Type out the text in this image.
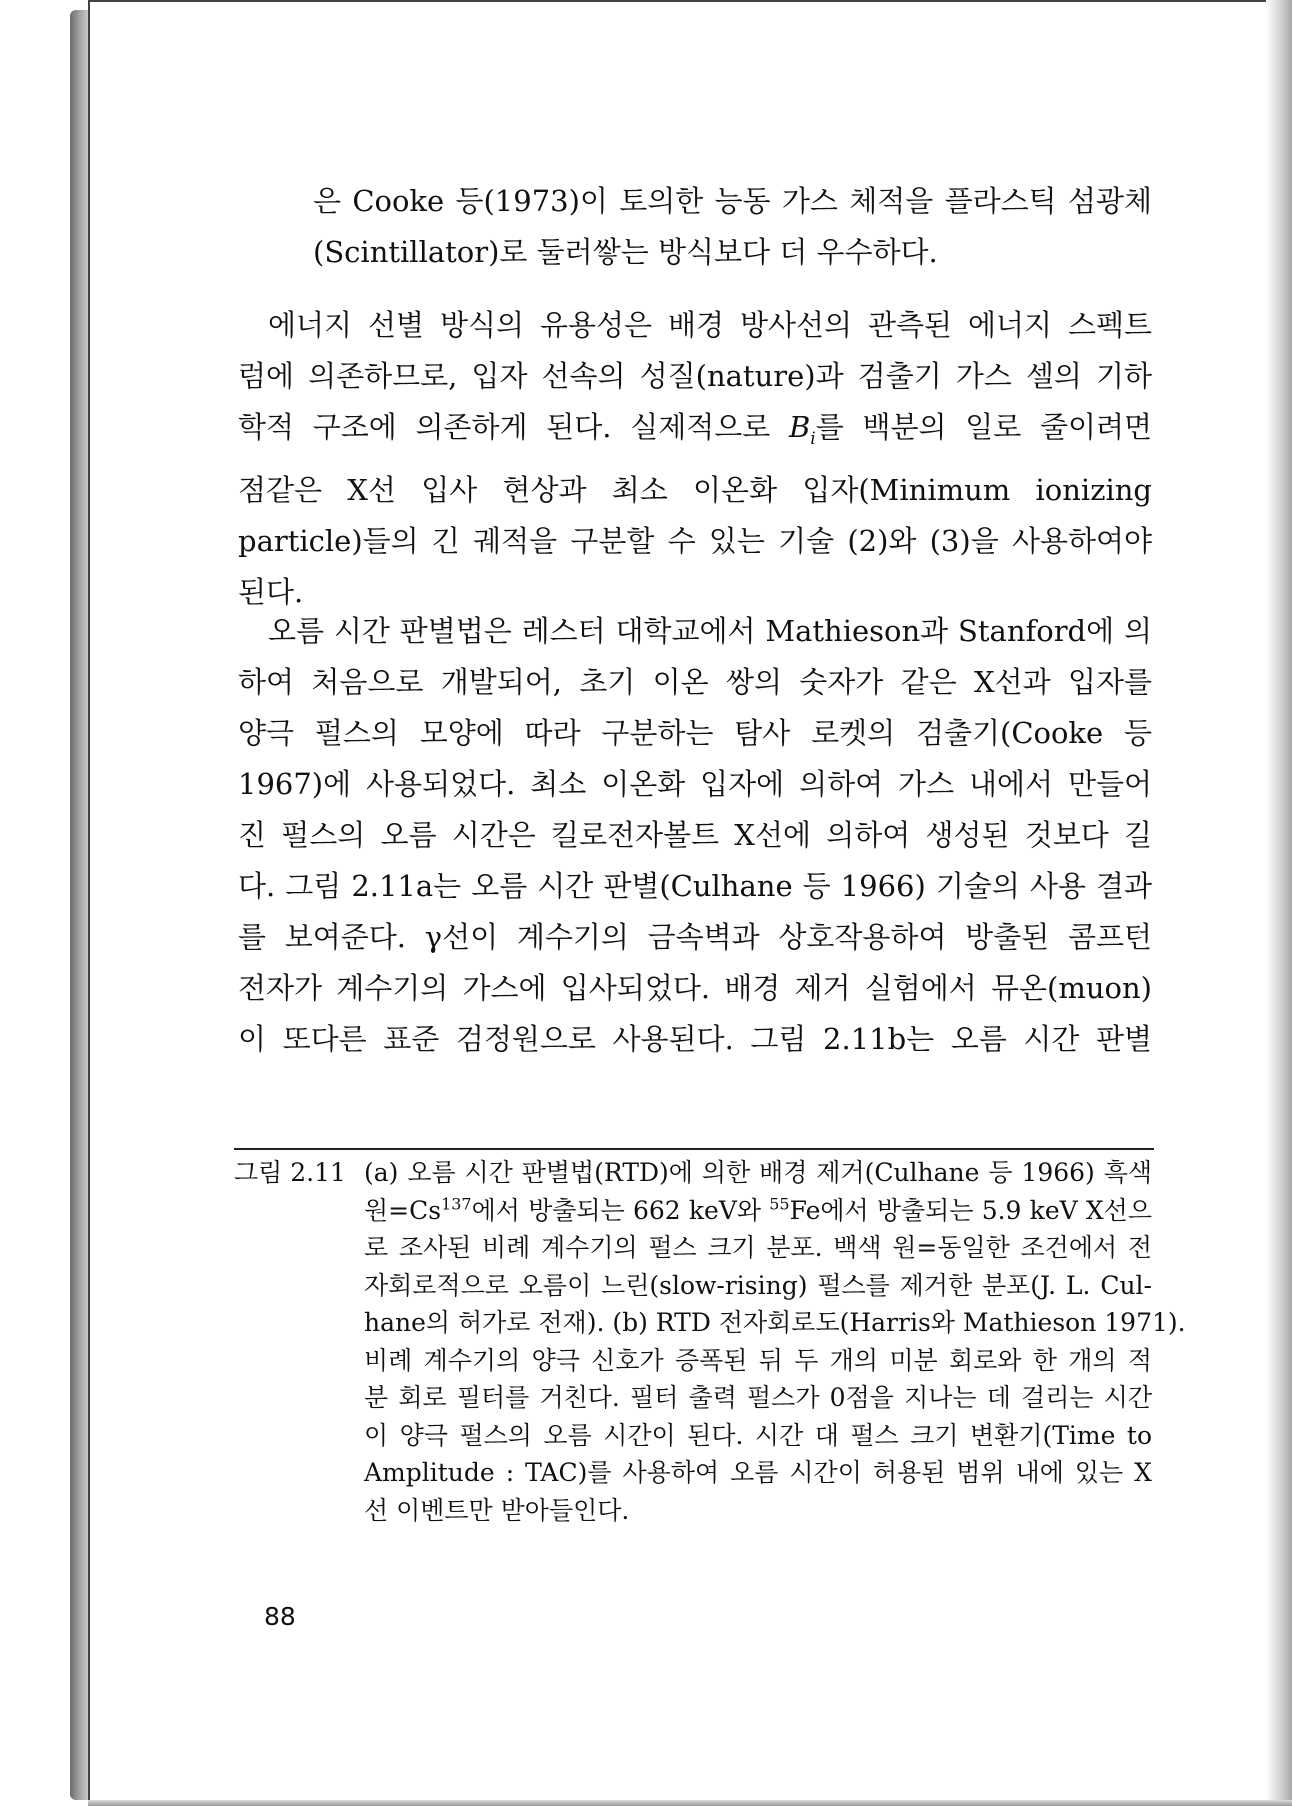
은 Cooke 등(1973)이 토의한 능동 가스 체적을 플라스틱 섬광체
(Scintillator)로 둘러쌓는 방식보다 더 우수하다.
에너지 선별 방식의 유용성은 배경 방사선의 관측된 에너지 스펙트
럼에 의존하므로, 입자 선속의 성질(nature)과 검출기 가스 셀의 기하
학적 구조에 의존하게 된다. 실제적으로 $B_i$를 백분의 일로 줄이려면
점같은 X선 입사 현상과 최소 이온화 입자(Minimum ionizing
particle)들의 긴 궤적을 구분할 수 있는 기술 (2)와 (3)을 사용하여야
된다.
오름 시간 판별법은 레스터 대학교에서 Mathieson과 Stanford에 의
하여 처음으로 개발되어, 초기 이온 쌍의 숫자가 같은 X선과 입자를
양극 펄스의 모양에 따라 구분하는 탐사 로켓의 검출기(Cooke 등
1967)에 사용되었다. 최소 이온화 입자에 의하여 가스 내에서 만들어
진 펄스의 오름 시간은 킬로전자볼트 X선에 의하여 생성된 것보다 길
다. 그림 2.11a는 오름 시간 판별(Culhane 등 1966) 기술의 사용 결과
를 보여준다. γ선이 계수기의 금속벽과 상호작용하여 방출된 콤프턴
전자가 계수기의 가스에 입사되었다. 배경 제거 실험에서 뮤온(muon)
이 또다른 표준 검정원으로 사용된다. 그림 2.11b는 오름 시간 판별
그림 2.11 (a) 오름 시간 판별법(RTD)에 의한 배경 제거(Culhane 등 1966) 흑색
원$=Cs^{137}$에서 방출되는 662 keV와 $^{55}$Fe에서 방출되는 5.9 keV X선으
로 조사된 비례 계수기의 펄스 크기 분포. 백색 원=동일한 조건에서 전
자회로적으로 오름이 느린(slow-rising) 펄스를 제거한 분포(J. L. Cul-
hane의 허가로 전재). (b) RTD 전자회로도(Harris와 Mathieson 1971).
비례 계수기의 양극 신호가 증폭된 뒤 두 개의 미분 회로와 한 개의 적
분 회로 필터를 거친다. 필터 출력 펄스가 0점을 지나는 데 걸리는 시간
이 양극 펄스의 오름 시간이 된다. 시간 대 펄스 크기 변환기(Time to
Amplitude : TAC)를 사용하여 오름 시간이 허용된 범위 내에 있는 X
선 이벤트만 받아들인다.
88
